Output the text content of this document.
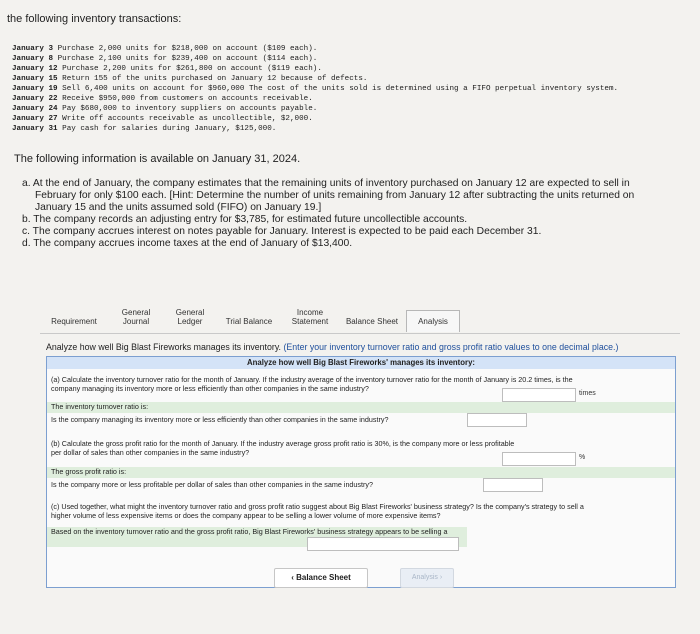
the following inventory transactions:
January 3 Purchase 2,000 units for $218,000 on account ($109 each).
January 8 Purchase 2,100 units for $239,400 on account ($114 each).
January 12 Purchase 2,200 units for $261,800 on account ($119 each).
January 15 Return 155 of the units purchased on January 12 because of defects.
January 19 Sell 6,400 units on account for $960,000 The cost of the units sold is determined using a FIFO perpetual inventory system.
January 22 Receive $950,000 from customers on accounts receivable.
January 24 Pay $680,000 to inventory suppliers on accounts payable.
January 27 Write off accounts receivable as uncollectible, $2,000.
January 31 Pay cash for salaries during January, $125,000.
The following information is available on January 31, 2024.

a. At the end of January, the company estimates that the remaining units of inventory purchased on January 12 are expected to sell in

February for only $100 each. [Hint: Determine the number of units remaining from January 12 after subtracting the units returned on

January 15 and the units assumed sold (FIFO) on January 19.]

b. The company records an adjusting entry for $3,785, for estimated future uncollectible accounts.

c. The company accrues interest on notes payable for January. Interest is expected to be paid each December 31.

d. The company accrues income taxes at the end of January of $13,400.

Requirement
General Journal
General Ledger	Trial Balance
Income Statement	Balance Sheet	Analysis
Analyze how well Big Blast Fireworks manages its inventory. (Enter your inventory turnover ratio and gross profit ratio values to one decimal place.)
Analyze how well Big Blast Fireworks' manages its inventory:
(a) Calculate the inventory turnover ratio for the month of January. If the industry average of the inventory turnover ratio for the month of January is 20.2 times, is the company managing its inventory more or less efficiently than other companies in the same industry?
times
The inventory turnover ratio is:
Is the company managing its inventory more or less efficiently than other companies in the same industry?
(b) Calculate the gross profit ratio for the month of January. If the industry average gross profit ratio is 30%, is the company more or less profitable per dollar of sales than other companies in the same industry?
%
The gross profit ratio is:
Is the company more or less profitable per dollar of sales than other companies in the same industry?
(c) Used together, what might the inventory turnover ratio and gross profit ratio suggest about Big Blast Fireworks' business strategy? Is the company's strategy to sell a higher volume of less expensive items or does the company appear to be selling a lower volume of more expensive items?
Based on the inventory turnover ratio and the gross profit ratio, Big Blast Fireworks' business strategy appears to be selling a
‹ Balance Sheet	Analysis ›
